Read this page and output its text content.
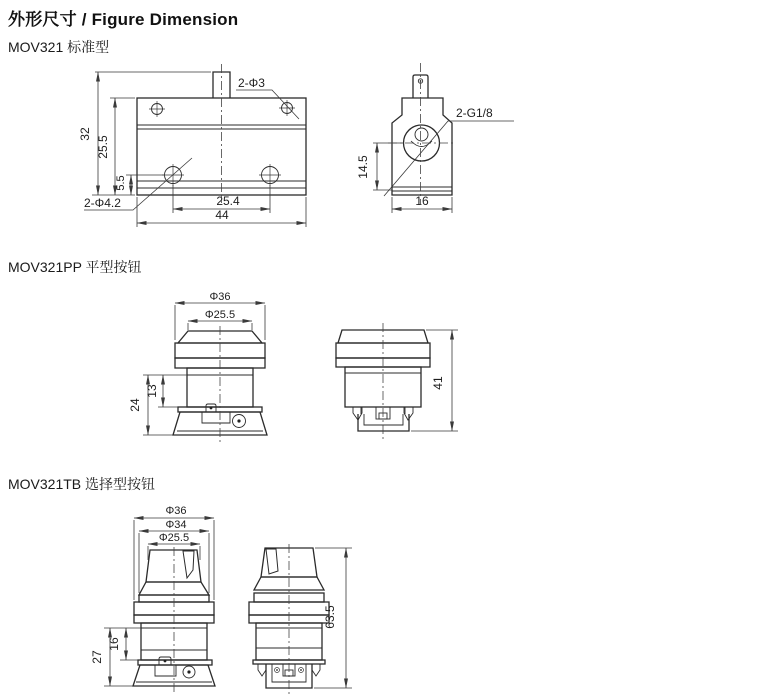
外形尺寸 / Figure Dimension
MOV321 标准型
MOV321PP 平型按钮
MOV321TB 选择型按钮
32
25.5
5.5
25.4
44
2-Φ4.2
2-Φ3
14.5
16
2-G1/8
Φ36
Φ25.5
24
13
41
Φ36
Φ34
Φ25.5
16
27
63.5
